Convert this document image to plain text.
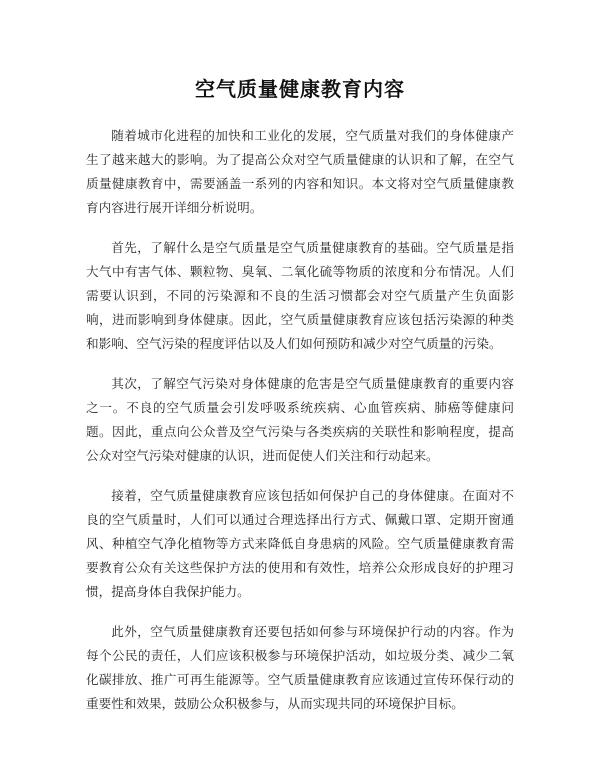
空气质量健康教育内容

随着城市化进程的加快和工业化的发展，空气质量对我们的身体健康产生了越来越大的影响。为了提高公众对空气质量健康的认识和了解，在空气质量健康教育中，需要涵盖一系列的内容和知识。本文将对空气质量健康教育内容进行展开详细分析说明。

首先，了解什么是空气质量是空气质量健康教育的基础。空气质量是指大气中有害气体、颗粒物、臭氧、二氧化硫等物质的浓度和分布情况。人们需要认识到，不同的污染源和不良的生活习惯都会对空气质量产生负面影响，进而影响到身体健康。因此，空气质量健康教育应该包括污染源的种类和影响、空气污染的程度评估以及人们如何预防和减少对空气质量的污染。

其次，了解空气污染对身体健康的危害是空气质量健康教育的重要内容之一。不良的空气质量会引发呼吸系统疾病、心血管疾病、肺癌等健康问题。因此，重点向公众普及空气污染与各类疾病的关联性和影响程度，提高公众对空气污染对健康的认识，进而促使人们关注和行动起来。

接着，空气质量健康教育应该包括如何保护自己的身体健康。在面对不良的空气质量时，人们可以通过合理选择出行方式、佩戴口罩、定期开窗通风、种植空气净化植物等方式来降低自身患病的风险。空气质量健康教育需要教育公众有关这些保护方法的使用和有效性，培养公众形成良好的护理习惯，提高身体自我保护能力。

此外，空气质量健康教育还要包括如何参与环境保护行动的内容。作为每个公民的责任，人们应该积极参与环境保护活动，如垃圾分类、减少二氧化碳排放、推广可再生能源等。空气质量健康教育应该通过宣传环保行动的重要性和效果，鼓励公众积极参与，从而实现共同的环境保护目标。
